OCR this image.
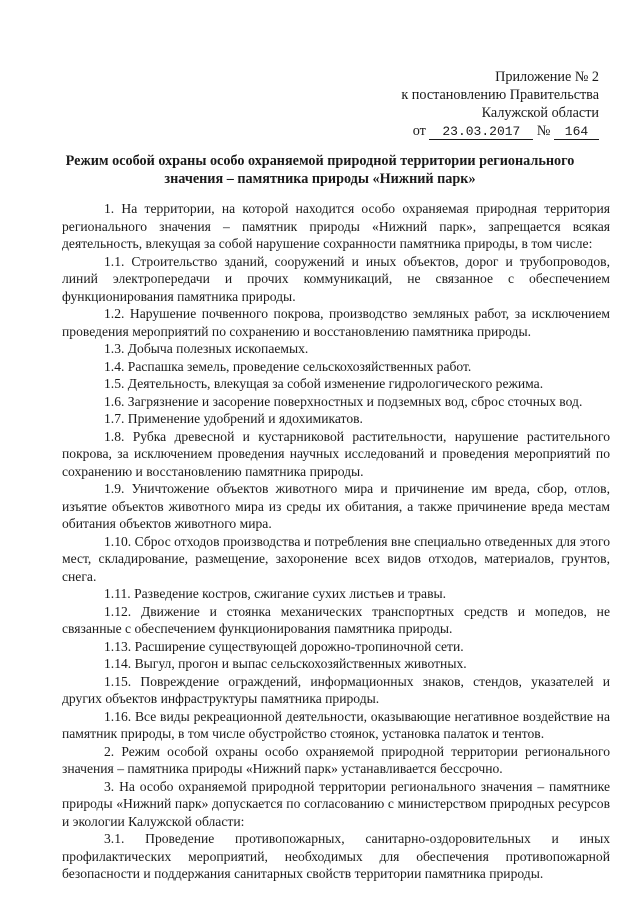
Приложение № 2
к постановлению Правительства
Калужской области
от 23.03.2017 № 164
Режим особой охраны особо охраняемой природной территории регионального значения – памятника природы «Нижний парк»

1. На территории, на которой находится особо охраняемая природная территория регионального значения – памятник природы «Нижний парк», запрещается всякая деятельность, влекущая за собой нарушение сохранности памятника природы, в том числе:

1.1. Строительство зданий, сооружений и иных объектов, дорог и трубопроводов, линий электропередачи и прочих коммуникаций, не связанное с обеспечением функционирования памятника природы.

1.2. Нарушение почвенного покрова, производство земляных работ, за исключением проведения мероприятий по сохранению и восстановлению памятника природы.

1.3. Добыча полезных ископаемых.

1.4. Распашка земель, проведение сельскохозяйственных работ.

1.5. Деятельность, влекущая за собой изменение гидрологического режима.

1.6. Загрязнение и засорение поверхностных и подземных вод, сброс сточных вод.

1.7. Применение удобрений и ядохимикатов.

1.8. Рубка древесной и кустарниковой растительности, нарушение растительного покрова, за исключением проведения научных исследований и проведения мероприятий по сохранению и восстановлению памятника природы.

1.9. Уничтожение объектов животного мира и причинение им вреда, сбор, отлов, изъятие объектов животного мира из среды их обитания, а также причинение вреда местам обитания объектов животного мира.

1.10. Сброс отходов производства и потребления вне специально отведенных для этого мест, складирование, размещение, захоронение всех видов отходов, материалов, грунтов, снега.

1.11. Разведение костров, сжигание сухих листьев и травы.

1.12. Движение и стоянка механических транспортных средств и мопедов, не связанные с обеспечением функционирования памятника природы.

1.13. Расширение существующей дорожно-тропиночной сети.

1.14. Выгул, прогон и выпас сельскохозяйственных животных.

1.15. Повреждение ограждений, информационных знаков, стендов, указателей и других объектов инфраструктуры памятника природы.

1.16. Все виды рекреационной деятельности, оказывающие негативное воздействие на памятник природы, в том числе обустройство стоянок, установка палаток и тентов.

2. Режим особой охраны особо охраняемой природной территории регионального значения – памятника природы «Нижний парк» устанавливается бессрочно.

3. На особо охраняемой природной территории регионального значения – памятнике природы «Нижний парк» допускается по согласованию с министерством природных ресурсов и экологии Калужской области:

3.1. Проведение противопожарных, санитарно-оздоровительных и иных профилактических мероприятий, необходимых для обеспечения противопожарной безопасности и поддержания санитарных свойств территории памятника природы.
